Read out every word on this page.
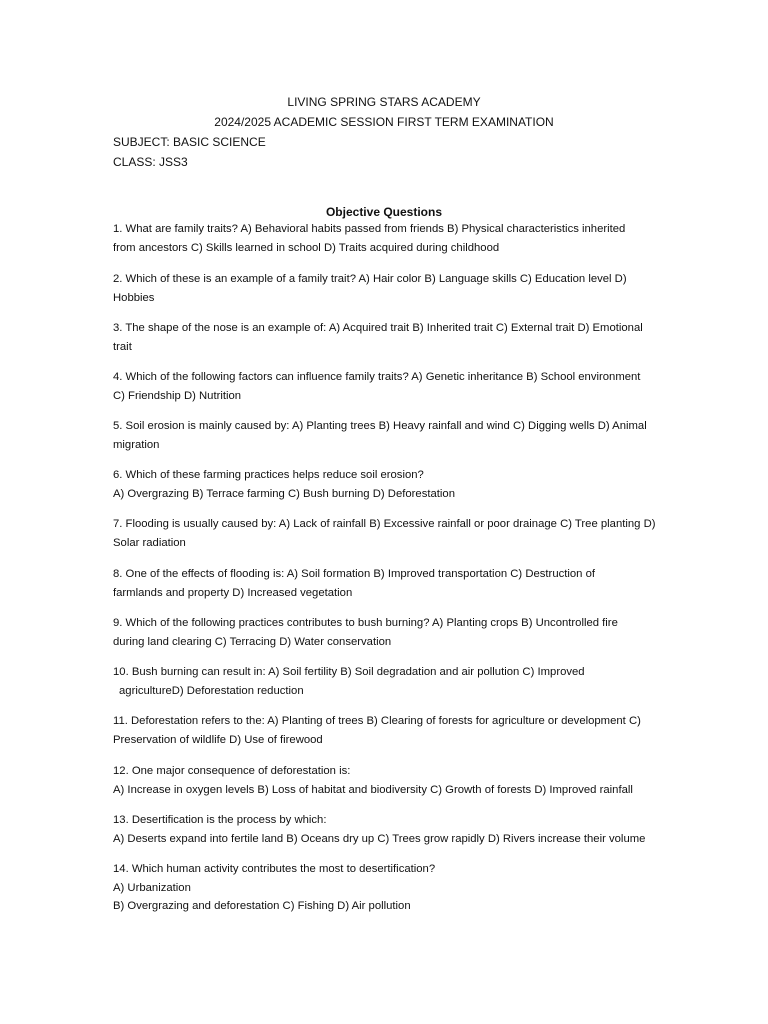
LIVING SPRING STARS ACADEMY
2024/2025 ACADEMIC SESSION FIRST TERM EXAMINATION
SUBJECT: BASIC SCIENCE
CLASS: JSS3
Objective Questions
1. What are family traits? A) Behavioral habits passed from friends B) Physical characteristics inherited
from ancestors C) Skills learned in school D) Traits acquired during childhood
2. Which of these is an example of a family trait? A) Hair color B) Language skills C) Education level D)
Hobbies
3. The shape of the nose is an example of: A) Acquired trait B) Inherited trait C) External trait D) Emotional
trait
4. Which of the following factors can influence family traits? A) Genetic inheritance B) School environment
C) Friendship D) Nutrition
5. Soil erosion is mainly caused by: A) Planting trees B) Heavy rainfall and wind C) Digging wells D) Animal
migration
6. Which of these farming practices helps reduce soil erosion?
A) Overgrazing B) Terrace farming C) Bush burning D) Deforestation
7. Flooding is usually caused by: A) Lack of rainfall B) Excessive rainfall or poor drainage C) Tree planting D)
Solar radiation
8. One of the effects of flooding is: A) Soil formation B) Improved transportation C) Destruction of
farmlands and property D) Increased vegetation
9. Which of the following practices contributes to bush burning? A) Planting crops B) Uncontrolled fire
during land clearing C) Terracing D) Water conservation
10. Bush burning can result in: A) Soil fertility B) Soil degradation and air pollution C) Improved
agricultureD) Deforestation reduction
11. Deforestation refers to the: A) Planting of trees B) Clearing of forests for agriculture or development C)
Preservation of wildlife D) Use of firewood
12. One major consequence of deforestation is:
A) Increase in oxygen levels B) Loss of habitat and biodiversity C) Growth of forests D) Improved rainfall
13. Desertification is the process by which:
A) Deserts expand into fertile land B) Oceans dry up C) Trees grow rapidly D) Rivers increase their volume
14. Which human activity contributes the most to desertification?
A) Urbanization
B) Overgrazing and deforestation C) Fishing D) Air pollution
